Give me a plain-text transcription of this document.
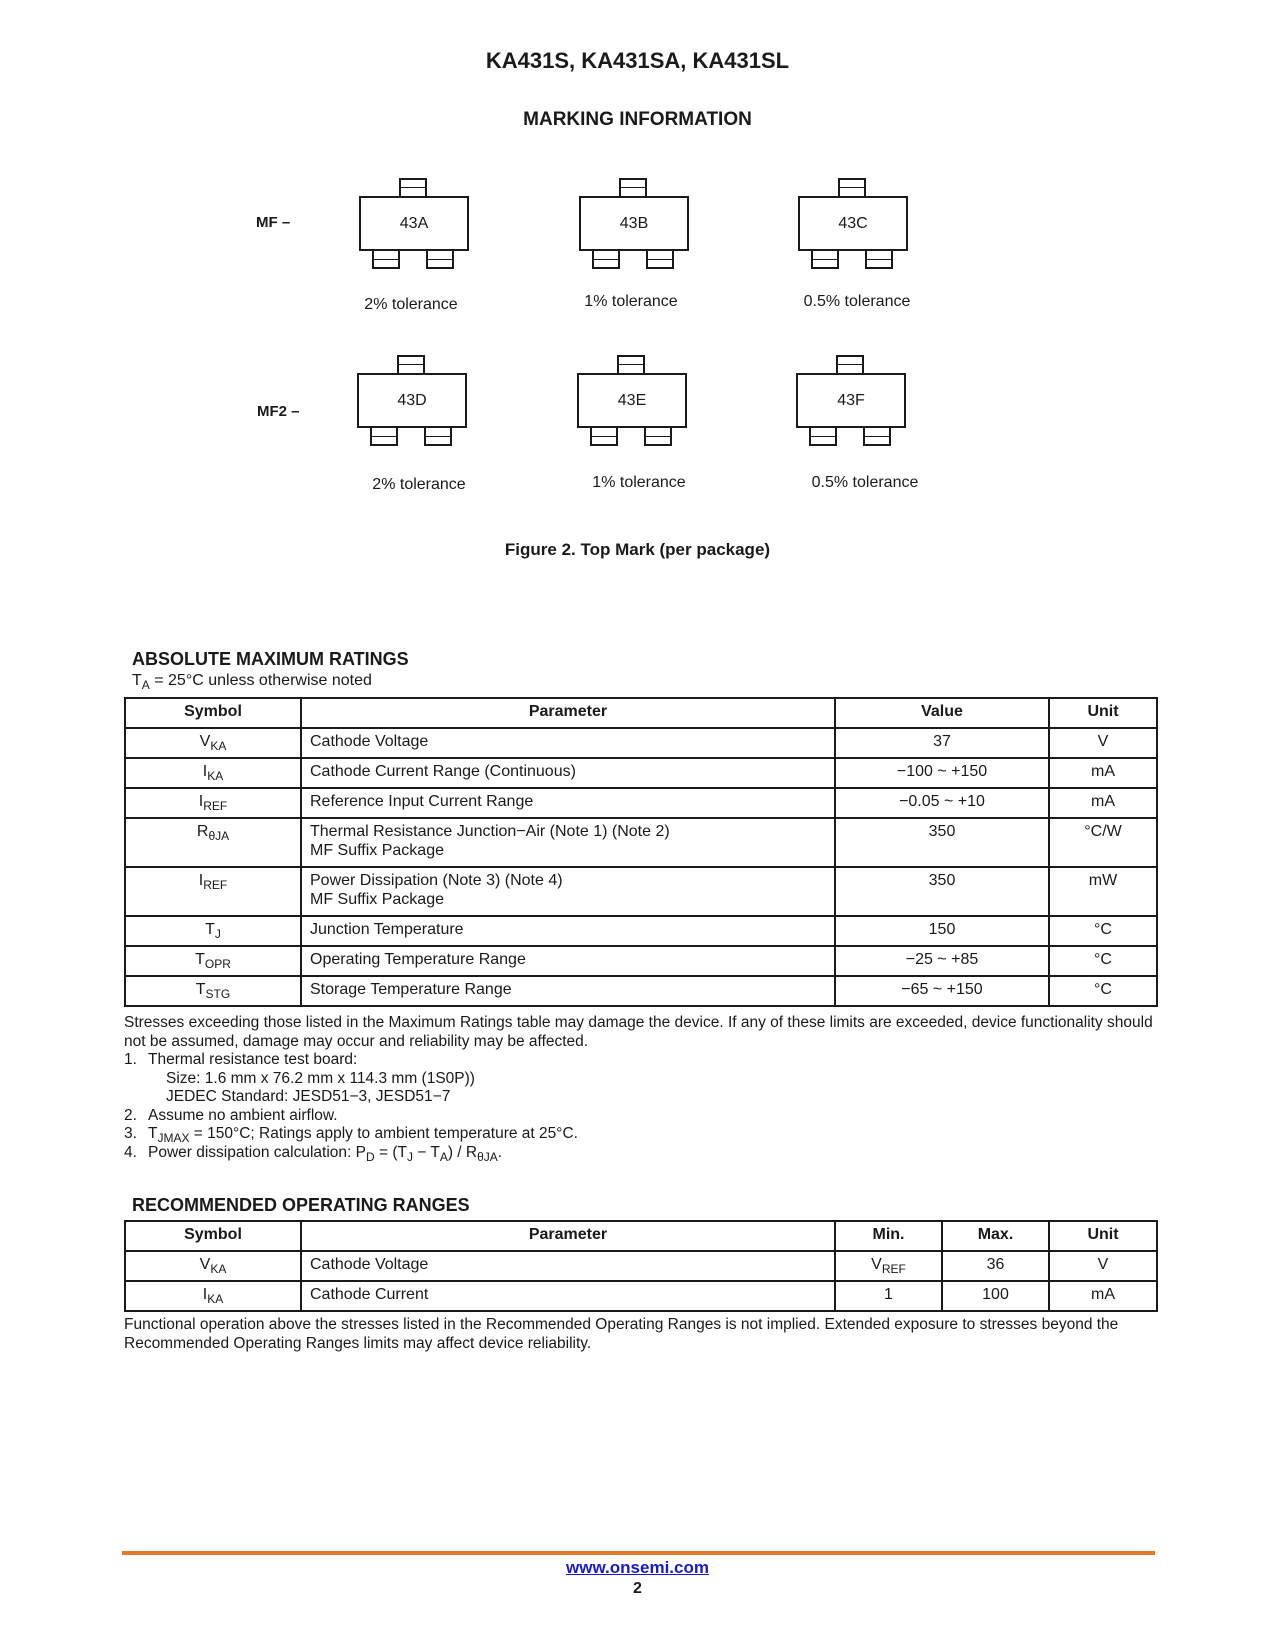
KA431S, KA431SA, KA431SL
MARKING INFORMATION
MF –	43A
2% tolerance
43B
1% tolerance
43C
0.5% tolerance
MF2 –
43D
2% tolerance
43E
1% tolerance
43F
0.5% tolerance
Figure 2. Top Mark (per package)
ABSOLUTE MAXIMUM RATINGS
$T_A = 25^\circ C$ unless otherwise noted
Symbol	Parameter	Value	Unit
$V_{KA}$	Cathode Voltage	37	V
$I_{KA}$	Cathode Current Range (Continuous)	−100 ~ +150	mA
$I_{REF}$	Reference Input Current Range	−0.05 ~ +10	mA
$R_{\theta JA}$	Thermal Resistance Junction−Air (Note 1) (Note 2)
MF Suffix Package	350	°C/W
$I_{REF}$	Power Dissipation (Note 3) (Note 4)
MF Suffix Package	350	mW
$T_J$	Junction Temperature	150	°C
$T_{OPR}$	Operating Temperature Range	−25 ~ +85	°C
$T_{STG}$	Storage Temperature Range	−65 ~ +150	°C
Stresses exceeding those listed in the Maximum Ratings table may damage the device. If any of these limits are exceeded, device functionality should not be assumed, damage may occur and reliability may be affected.
1. Thermal resistance test board:
Size: 1.6 mm x 76.2 mm x 114.3 mm (1S0P))
JEDEC Standard: JESD51−3, JESD51−7
2. Assume no ambient airflow.
3. $T_{JMAX} = 150^\circ C$; Ratings apply to ambient temperature at 25°C.
4. Power dissipation calculation: $P_D = (T_J - T_A) / R_{\theta JA}$.
RECOMMENDED OPERATING RANGES
Symbol	Parameter	Min.	Max.	Unit
$V_{KA}$	Cathode Voltage	$V_{REF}$	36	V
$I_{KA}$	Cathode Current	1	100	mA
Functional operation above the stresses listed in the Recommended Operating Ranges is not implied. Extended exposure to stresses beyond the Recommended Operating Ranges limits may affect device reliability.
www.onsemi.com
2
